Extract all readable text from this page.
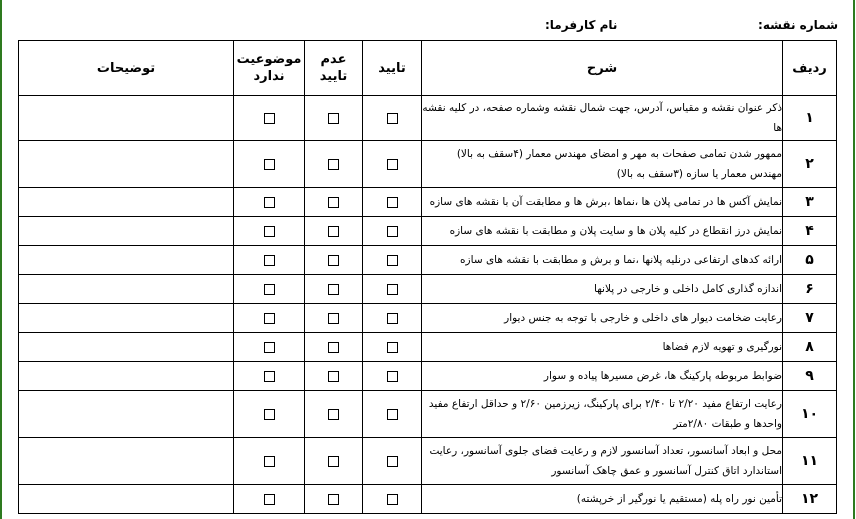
شماره نقشه:
نام کارفرما:
ردیف	شرح	تایید	عدم تایید	موضوعیت ندارد	توضیحات
۱	ذکر عنوان نقشه و مقیاس، آدرس، جهت شمال نقشه وشماره صفحه، در کلیه نقشه ها				
۲	ممهور شدن تمامی صفحات به مهر و امضای مهندس معمار (۴سقف به بالا) مهندس معمار یا سازه (۳سقف به بالا)				
۳	نمایش آکس ها در تمامی پلان ها ،نماها ،برش ها و مطابقت آن با نقشه های سازه				
۴	نمایش درز انقطاع در کلیه پلان ها و سایت پلان و مطابقت با نقشه های سازه				
۵	ارائه کدهای ارتفاعی درنلیه پلانها ،نما و برش و مطابقت با نقشه های سازه				
۶	اندازه گذاری کامل داخلی و خارجی در پلانها				
۷	رعایت ضخامت دیوار های داخلی و خارجی با توجه به جنس دیوار				
۸	نورگیری و تهویه لازم فضاها				
۹	ضوابط مربوطه پارکینگ ها، غرض مسیرها پیاده و سوار				
۱۰	رعایت ارتفاع مفید ۲/۲۰ تا ۲/۴۰ برای پارکینگ، زیرزمین ۲/۶۰ و حداقل ارتفاع مفید واحدها و طبقات ۲/۸۰متر				
۱۱	محل و ابعاد آسانسور، تعداد آسانسور لازم و رعایت فضای جلوی آسانسور، رعایت استاندارد اتاق کنترل آسانسور و عمق چاهک آسانسور				
۱۲	تأمین نور راه پله (مستقیم یا نورگیر از خرپشته)				
